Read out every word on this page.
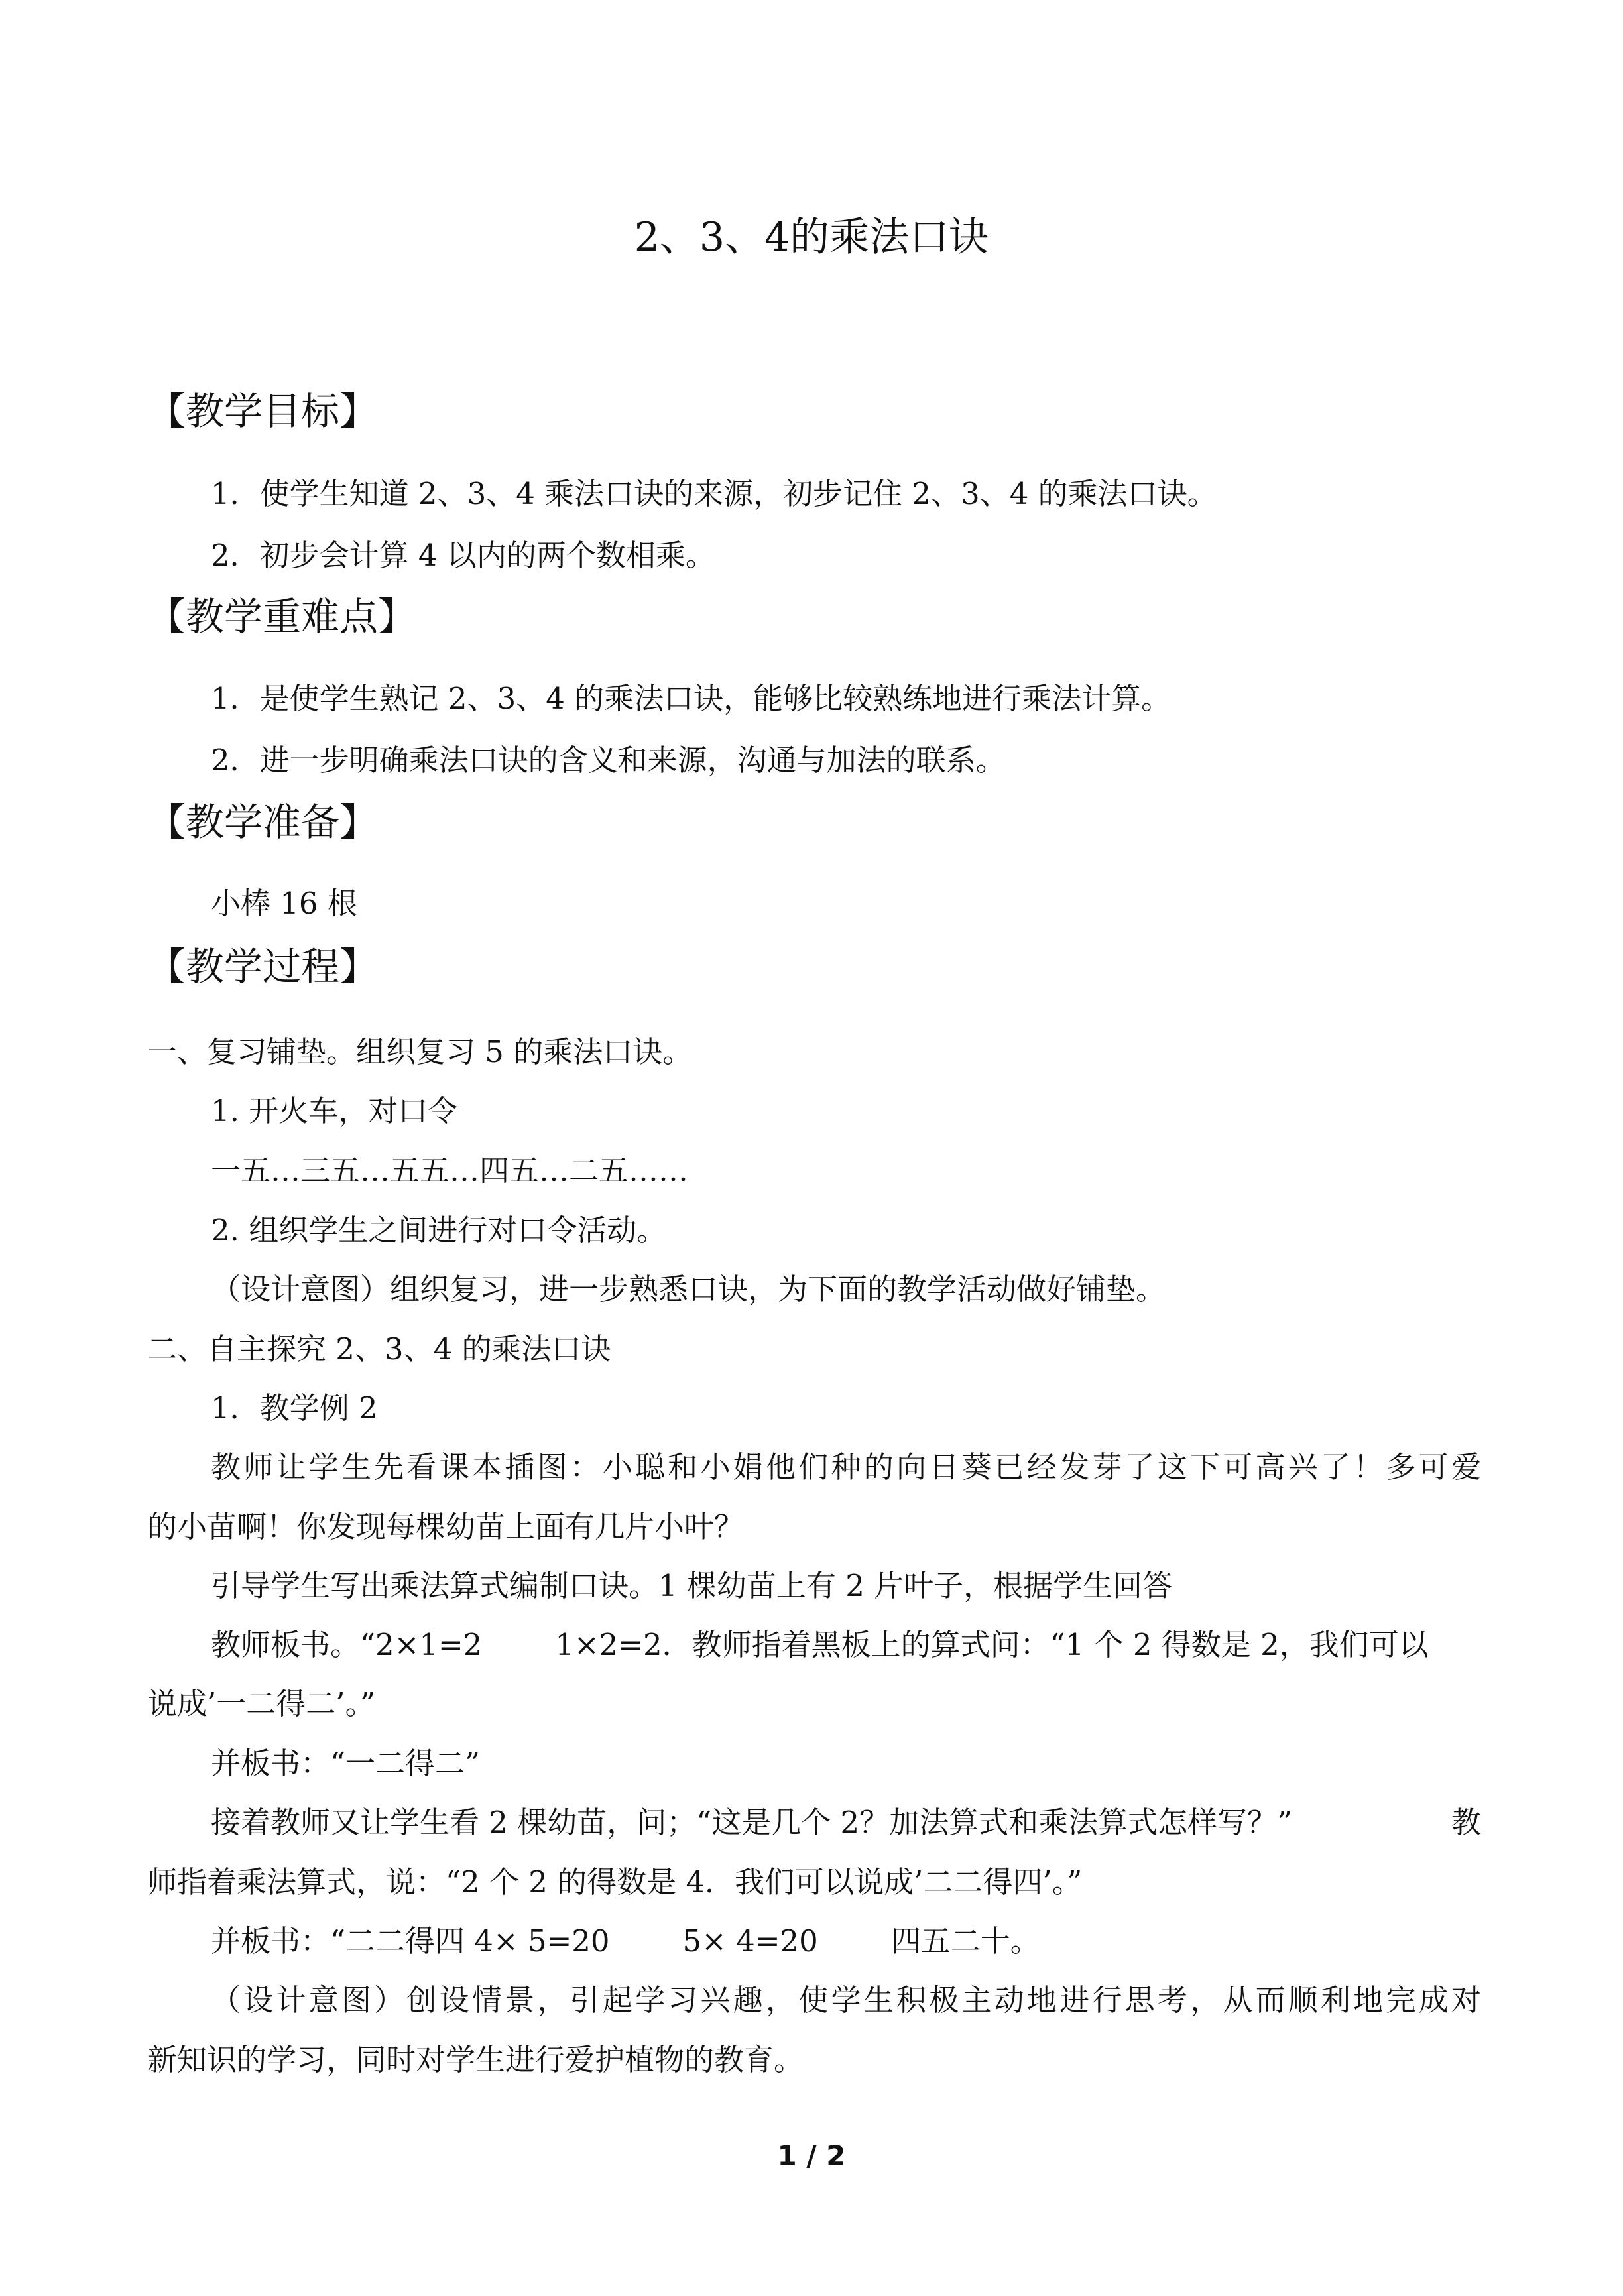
2、3、4的乘法口诀
【教学目标】
1．使学生知道 2、3、4 乘法口诀的来源，初步记住 2、3、4 的乘法口诀。
2．初步会计算 4 以内的两个数相乘。
【教学重难点】
1．是使学生熟记 2、3、4 的乘法口诀，能够比较熟练地进行乘法计算。
2．进一步明确乘法口诀的含义和来源，沟通与加法的联系。
【教学准备】
小棒 16 根
【教学过程】
一、复习铺垫。组织复习 5 的乘法口诀。
1. 开火车，对口令
一五…三五…五五…四五…二五……
2. 组织学生之间进行对口令活动。
（设计意图）组织复习，进一步熟悉口诀，为下面的教学活动做好铺垫。
二、自主探究 2、3、4 的乘法口诀
1．教学例 2
教师让学生先看课本插图：小聪和小娟他们种的向日葵已经发芽了这下可高兴了！多可爱
的小苗啊！你发现每棵幼苗上面有几片小叶？
引导学生写出乘法算式编制口诀。1 棵幼苗上有 2 片叶子，根据学生回答
教师板书。“2×1=2 1×2=2．教师指着黑板上的算式问：“1 个 2 得数是 2，我们可以
说成’一二得二’。”
并板书：“一二得二”
接着教师又让学生看 2 棵幼苗，问；“这是几个 2？加法算式和乘法算式怎样写？”	教
师指着乘法算式，说：“2 个 2 的得数是 4．我们可以说成’二二得四’。”
并板书：“二二得四 4× 5=20 5× 4=20 四五二十。
（设计意图）创设情景，引起学习兴趣，使学生积极主动地进行思考，从而顺利地完成对
新知识的学习，同时对学生进行爱护植物的教育。
1 / 2
